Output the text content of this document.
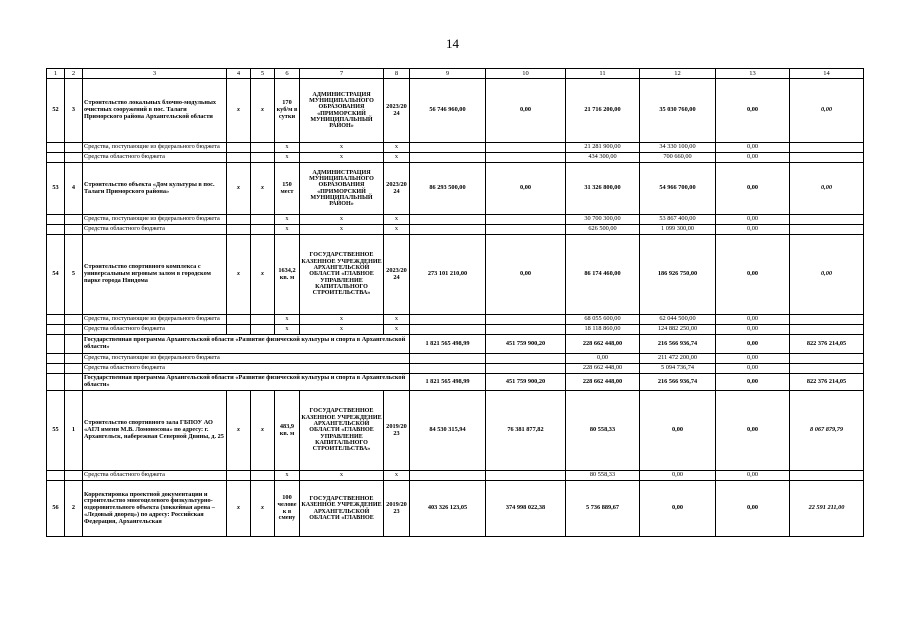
14
1	2	3	4	5	6	7	8	9	10	11	12	13	14
52	3	Строительство локальных блочно-модульных очистных сооружений в пос. Талаги Приморского района Архангельской области	x	x	170 куб/м в сутки	АДМИНИСТРАЦИЯ МУНИЦИПАЛЬНОГО ОБРАЗОВАНИЯ «ПРИМОРСКИЙ МУНИЦИПАЛЬНЫЙ РАЙОН»	2023/2024	56 746 960,00	0,00	21 716 200,00	35 030 760,00	0,00	0,00
		Средства, поступающие из федерального бюджета			x	x	x			21 281 900,00	34 330 100,00	0,00	
		Средства областного бюджета			x	x	x			434 300,00	700 660,00	0,00	
53	4	Строительство объекта «Дом культуры в пос. Талаги Приморского района»	x	x	150 мест	АДМИНИСТРАЦИЯ МУНИЦИПАЛЬНОГО ОБРАЗОВАНИЯ «ПРИМОРСКИЙ МУНИЦИПАЛЬНЫЙ РАЙОН»	2023/2024	86 293 500,00	0,00	31 326 800,00	54 966 700,00	0,00	0,00
		Средства, поступающие из федерального бюджета			x	x	x			30 700 300,00	53 867 400,00	0,00	
		Средства областного бюджета			x	x	x			626 500,00	1 099 300,00	0,00	
54	5	Строительство спортивного комплекса с универсальным игровым залом в городском парке города Няндома	x	x	1634,2 кв. м	ГОСУДАРСТВЕННОЕ КАЗЕННОЕ УЧРЕЖДЕНИЕ АРХАНГЕЛЬСКОЙ ОБЛАСТИ «ГЛАВНОЕ УПРАВЛЕНИЕ КАПИТАЛЬНОГО СТРОИТЕЛЬСТВА»	2023/2024	273 101 210,00	0,00	86 174 460,00	186 926 750,00	0,00	0,00
		Средства, поступающие из федерального бюджета			x	x	x			68 055 600,00	62 044 500,00	0,00	
		Средства областного бюджета			x	x	x			18 118 860,00	124 882 250,00	0,00	
		Государственная программа Архангельской области «Развитие физической культуры и спорта в Архангельской области»						1 821 565 498,99	451 759 900,20	228 662 448,00	216 566 936,74	0,00	822 376 214,05
		Средства, поступающие из федерального бюджета								0,00	211 472 200,00	0,00	
		Средства областного бюджета								228 662 448,00	5 094 736,74	0,00	
		Государственная программа Архангельской области «Развитие физической культуры и спорта в Архангельской области»						1 821 565 498,99	451 759 900,20	228 662 448,00	216 566 936,74	0,00	822 376 214,05
55	1	Строительство спортивного зала ГБПОУ АО «АГЛ имени М.В. Ломоносова» по адресу: г. Архангельск, набережная Северной Двины, д. 25	x	x	483,9 кв. м	ГОСУДАРСТВЕННОЕ КАЗЕННОЕ УЧРЕЖДЕНИЕ АРХАНГЕЛЬСКОЙ ОБЛАСТИ «ГЛАВНОЕ УПРАВЛЕНИЕ КАПИТАЛЬНОГО СТРОИТЕЛЬСТВА»	2019/2023	84 530 315,94	76 381 877,82	80 558,33	0,00	0,00	8 067 879,79
		Средства областного бюджета			x	x	x			80 558,33	0,00	0,00	
56	2	Корректировка проектной документации и строительство многоцелевого физкультурно-оздоровительного объекта (хоккейная арена – «Ледовый дворец») по адресу: Российская Федерация, Архангельская	x	x	100 человек в смену	ГОСУДАРСТВЕННОЕ КАЗЕННОЕ УЧРЕЖДЕНИЕ АРХАНГЕЛЬСКОЙ ОБЛАСТИ «ГЛАВНОЕ	2019/2023	403 326 123,05	374 998 022,38	5 736 889,67	0,00	0,00	22 591 211,00
